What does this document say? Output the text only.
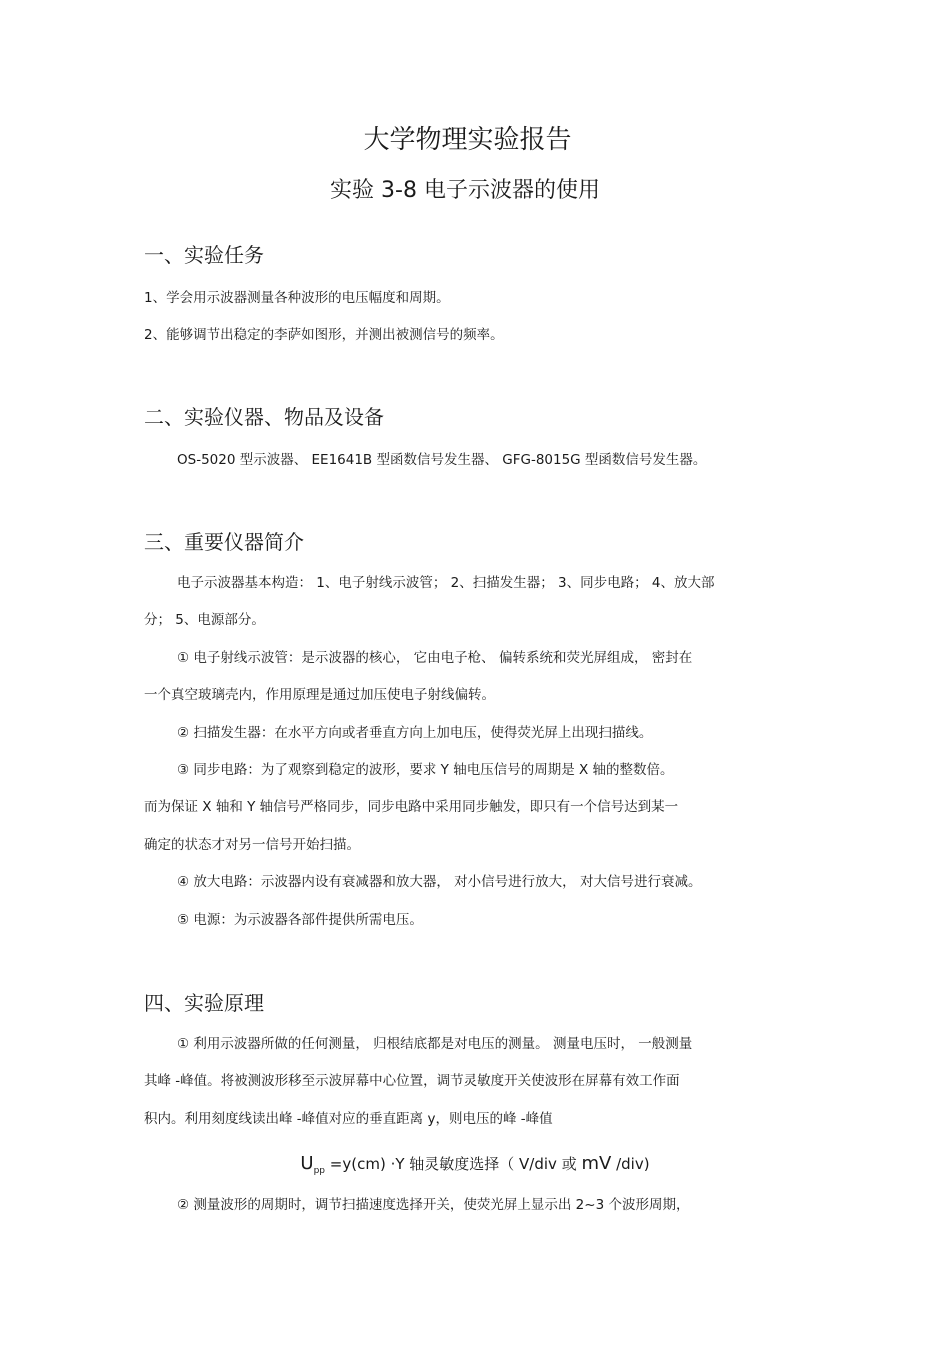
大学物理实验报告
实验 3-8 电子示波器的使用
一、实验任务
1、学会用示波器测量各种波形的电压幅度和周期。
2、能够调节出稳定的李萨如图形，并测出被测信号的频率。
二、实验仪器、物品及设备
OS-5020 型示波器、 EE1641B 型函数信号发生器、 GFG-8015G 型函数信号发生器。
三、重要仪器简介
电子示波器基本构造： 1、电子射线示波管； 2、扫描发生器； 3、同步电路； 4、放大部
分； 5、电源部分。
① 电子射线示波管：是示波器的核心， 它由电子枪、 偏转系统和荧光屏组成， 密封在
一个真空玻璃壳内，作用原理是通过加压使电子射线偏转。
② 扫描发生器：在水平方向或者垂直方向上加电压，使得荧光屏上出现扫描线。
③ 同步电路：为了观察到稳定的波形，要求 Y 轴电压信号的周期是 X 轴的整数倍。
而为保证 X 轴和 Y 轴信号严格同步，同步电路中采用同步触发，即只有一个信号达到某一
确定的状态才对另一信号开始扫描。
④ 放大电路：示波器内设有衰减器和放大器， 对小信号进行放大， 对大信号进行衰减。
⑤ 电源：为示波器各部件提供所需电压。
四、实验原理
① 利用示波器所做的任何测量， 归根结底都是对电压的测量。 测量电压时， 一般测量
其峰 -峰值。将被测波形移至示波屏幕中心位置，调节灵敏度开关使波形在屏幕有效工作面
积内。利用刻度线读出峰 -峰值对应的垂直距离 y，则电压的峰 -峰值
$U_{pp} =y(cm) \cdot Y$ 轴灵敏度选择（ V/div 或 mV /div)
② 测量波形的周期时，调节扫描速度选择开关，使荧光屏上显示出 2~3 个波形周期，
